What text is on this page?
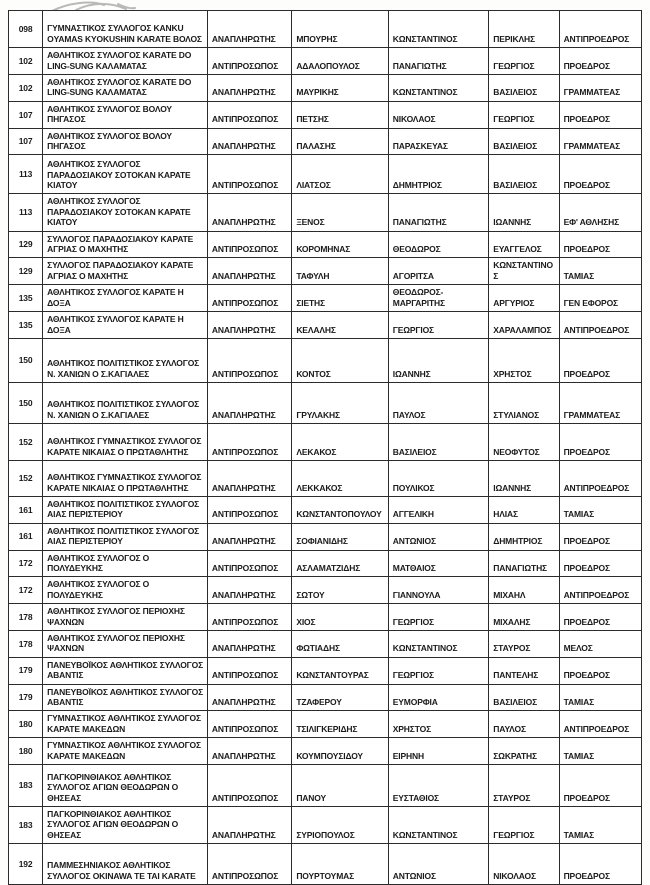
098	ΓΥΜΝΑΣΤΙΚΟΣ ΣΥΛΛΟΓΟΣ KANKU OYAMAS KYOKUSHIN KARATE ΒΟΛΟΣ	ΑΝΑΠΛΗΡΩΤΗΣ	ΜΠΟΥΡΗΣ	ΚΩΝΣΤΑΝΤΙΝΟΣ	ΠΕΡΙΚΛΗΣ	ΑΝΤΙΠΡΟΕΔΡΟΣ
102	ΑΘΛΗΤΙΚΟΣ ΣΥΛΛΟΓΟΣ KARATE DO LING-SUNG ΚΑΛΑΜΑΤΑΣ	ΑΝΤΙΠΡΟΣΩΠΟΣ	ΑΔΑΛΟΠΟΥΛΟΣ	ΠΑΝΑΓΙΩΤΗΣ	ΓΕΩΡΓΙΟΣ	ΠΡΟΕΔΡΟΣ
102	ΑΘΛΗΤΙΚΟΣ ΣΥΛΛΟΓΟΣ KARATE DO LING-SUNG ΚΑΛΑΜΑΤΑΣ	ΑΝΑΠΛΗΡΩΤΗΣ	ΜΑΥΡΙΚΗΣ	ΚΩΝΣΤΑΝΤΙΝΟΣ	ΒΑΣΙΛΕΙΟΣ	ΓΡΑΜΜΑΤΕΑΣ
107	ΑΘΛΗΤΙΚΟΣ ΣΥΛΛΟΓΟΣ ΒΟΛΟΥ ΠΗΓΑΣΟΣ	ΑΝΤΙΠΡΟΣΩΠΟΣ	ΠΕΤΣΗΣ	ΝΙΚΟΛΑΟΣ	ΓΕΩΡΓΙΟΣ	ΠΡΟΕΔΡΟΣ
107	ΑΘΛΗΤΙΚΟΣ ΣΥΛΛΟΓΟΣ ΒΟΛΟΥ ΠΗΓΑΣΟΣ	ΑΝΑΠΛΗΡΩΤΗΣ	ΠΑΛΑΣΗΣ	ΠΑΡΑΣΚΕΥΑΣ	ΒΑΣΙΛΕΙΟΣ	ΓΡΑΜΜΑΤΕΑΣ
113	ΑΘΛΗΤΙΚΟΣ ΣΥΛΛΟΓΟΣ ΠΑΡΑΔΟΣΙΑΚΟΥ ΣΟΤΟΚΑΝ ΚΑΡΑΤΕ ΚΙΑΤΟΥ	ΑΝΤΙΠΡΟΣΩΠΟΣ	ΛΙΑΤΣΟΣ	ΔΗΜΗΤΡΙΟΣ	ΒΑΣΙΛΕΙΟΣ	ΠΡΟΕΔΡΟΣ
113	ΑΘΛΗΤΙΚΟΣ ΣΥΛΛΟΓΟΣ ΠΑΡΑΔΟΣΙΑΚΟΥ ΣΟΤΟΚΑΝ ΚΑΡΑΤΕ ΚΙΑΤΟΥ	ΑΝΑΠΛΗΡΩΤΗΣ	ΞΕΝΟΣ	ΠΑΝΑΓΙΩΤΗΣ	ΙΩΑΝΝΗΣ	ΕΦ' ΑΘΛΗΣΗΣ
129	ΣΥΛΛΟΓΟΣ ΠΑΡΑΔΟΣΙΑΚΟΥ ΚΑΡΑΤΕ ΑΓΡΙΑΣ Ο ΜΑΧΗΤΗΣ	ΑΝΤΙΠΡΟΣΩΠΟΣ	ΚΟΡΟΜΗΝΑΣ	ΘΕΟΔΩΡΟΣ	ΕΥΑΓΓΕΛΟΣ	ΠΡΟΕΔΡΟΣ
129	ΣΥΛΛΟΓΟΣ ΠΑΡΑΔΟΣΙΑΚΟΥ ΚΑΡΑΤΕ ΑΓΡΙΑΣ Ο ΜΑΧΗΤΗΣ	ΑΝΑΠΛΗΡΩΤΗΣ	ΤΑΦΥΛΗ	ΑΓΟΡΙΤΣΑ	ΚΩΝΣΤΑΝΤΙΝΟΣ	ΤΑΜΙΑΣ
135	ΑΘΛΗΤΙΚΟΣ ΣΥΛΛΟΓΟΣ ΚΑΡΑΤΕ Η ΔΟΞΑ	ΑΝΤΙΠΡΟΣΩΠΟΣ	ΣΙΕΤΗΣ	ΘΕΟΔΩΡΟΣ-ΜΑΡΓΑΡΙΤΗΣ	ΑΡΓΥΡΙΟΣ	ΓΕΝ ΕΦΟΡΟΣ
135	ΑΘΛΗΤΙΚΟΣ ΣΥΛΛΟΓΟΣ ΚΑΡΑΤΕ Η ΔΟΞΑ	ΑΝΑΠΛΗΡΩΤΗΣ	ΚΕΛΑΛΗΣ	ΓΕΩΡΓΙΟΣ	ΧΑΡΑΛΑΜΠΟΣ	ΑΝΤΙΠΡΟΕΔΡΟΣ
150	ΑΘΛΗΤΙΚΟΣ ΠΟΛΙΤΙΣΤΙΚΟΣ ΣΥΛΛΟΓΟΣ Ν. ΧΑΝΙΩΝ Ο Σ.ΚΑΓΙΑΛΕΣ	ΑΝΤΙΠΡΟΣΩΠΟΣ	ΚΟΝΤΟΣ	ΙΩΑΝΝΗΣ	ΧΡΗΣΤΟΣ	ΠΡΟΕΔΡΟΣ
150	ΑΘΛΗΤΙΚΟΣ ΠΟΛΙΤΙΣΤΙΚΟΣ ΣΥΛΛΟΓΟΣ Ν. ΧΑΝΙΩΝ Ο Σ.ΚΑΓΙΑΛΕΣ	ΑΝΑΠΛΗΡΩΤΗΣ	ΓΡΥΛΑΚΗΣ	ΠΑΥΛΟΣ	ΣΤΥΛΙΑΝΟΣ	ΓΡΑΜΜΑΤΕΑΣ
152	ΑΘΛΗΤΙΚΟΣ ΓΥΜΝΑΣΤΙΚΟΣ ΣΥΛΛΟΓΟΣ ΚΑΡΑΤΕ ΝΙΚΑΙΑΣ Ο ΠΡΩΤΑΘΛΗΤΗΣ	ΑΝΤΙΠΡΟΣΩΠΟΣ	ΛΕΚΑΚΟΣ	ΒΑΣΙΛΕΙΟΣ	ΝΕΟΦΥΤΟΣ	ΠΡΟΕΔΡΟΣ
152	ΑΘΛΗΤΙΚΟΣ ΓΥΜΝΑΣΤΙΚΟΣ ΣΥΛΛΟΓΟΣ ΚΑΡΑΤΕ ΝΙΚΑΙΑΣ Ο ΠΡΩΤΑΘΛΗΤΗΣ	ΑΝΑΠΛΗΡΩΤΗΣ	ΛΕΚΚΑΚΟΣ	ΠΟΥΛΙΚΟΣ	ΙΩΑΝΝΗΣ	ΑΝΤΙΠΡΟΕΔΡΟΣ
161	ΑΘΛΗΤΙΚΟΣ ΠΟΛΙΤΙΣΤΙΚΟΣ ΣΥΛΛΟΓΟΣ ΑΙΑΣ ΠΕΡΙΣΤΕΡΙΟΥ	ΑΝΤΙΠΡΟΣΩΠΟΣ	ΚΩΝΣΤΑΝΤΟΠΟΥΛΟΥ	ΑΓΓΕΛΙΚΗ	ΗΛΙΑΣ	ΤΑΜΙΑΣ
161	ΑΘΛΗΤΙΚΟΣ ΠΟΛΙΤΙΣΤΙΚΟΣ ΣΥΛΛΟΓΟΣ ΑΙΑΣ ΠΕΡΙΣΤΕΡΙΟΥ	ΑΝΑΠΛΗΡΩΤΗΣ	ΣΟΦΙΑΝΙΔΗΣ	ΑΝΤΩΝΙΟΣ	ΔΗΜΗΤΡΙΟΣ	ΠΡΟΕΔΡΟΣ
172	ΑΘΛΗΤΙΚΟΣ ΣΥΛΛΟΓΟΣ Ο ΠΟΛΥΔΕΥΚΗΣ	ΑΝΤΙΠΡΟΣΩΠΟΣ	ΑΣΛΑΜΑΤΖΙΔΗΣ	ΜΑΤΘΑΙΟΣ	ΠΑΝΑΓΙΩΤΗΣ	ΠΡΟΕΔΡΟΣ
172	ΑΘΛΗΤΙΚΟΣ ΣΥΛΛΟΓΟΣ Ο ΠΟΛΥΔΕΥΚΗΣ	ΑΝΑΠΛΗΡΩΤΗΣ	ΣΩΤΟΥ	ΓΙΑΝΝΟΥΛΑ	ΜΙΧΑΗΛ	ΑΝΤΙΠΡΟΕΔΡΟΣ
178	ΑΘΛΗΤΙΚΟΣ ΣΥΛΛΟΓΟΣ ΠΕΡΙΟΧΗΣ ΨΑΧΝΩΝ	ΑΝΤΙΠΡΟΣΩΠΟΣ	ΧΙΟΣ	ΓΕΩΡΓΙΟΣ	ΜΙΧΑΛΗΣ	ΠΡΟΕΔΡΟΣ
178	ΑΘΛΗΤΙΚΟΣ ΣΥΛΛΟΓΟΣ ΠΕΡΙΟΧΗΣ ΨΑΧΝΩΝ	ΑΝΑΠΛΗΡΩΤΗΣ	ΦΩΤΙΑΔΗΣ	ΚΩΝΣΤΑΝΤΙΝΟΣ	ΣΤΑΥΡΟΣ	ΜΕΛΟΣ
179	ΠΑΝΕΥΒΟΪΚΟΣ ΑΘΛΗΤΙΚΟΣ ΣΥΛΛΟΓΟΣ ΑΒΑΝΤΙΣ	ΑΝΤΙΠΡΟΣΩΠΟΣ	ΚΩΝΣΤΑΝΤΟΥΡΑΣ	ΓΕΩΡΓΙΟΣ	ΠΑΝΤΕΛΗΣ	ΠΡΟΕΔΡΟΣ
179	ΠΑΝΕΥΒΟΪΚΟΣ ΑΘΛΗΤΙΚΟΣ ΣΥΛΛΟΓΟΣ ΑΒΑΝΤΙΣ	ΑΝΑΠΛΗΡΩΤΗΣ	ΤΖΑΦΕΡΟΥ	ΕΥΜΟΡΦΙΑ	ΒΑΣΙΛΕΙΟΣ	ΤΑΜΙΑΣ
180	ΓΥΜΝΑΣΤΙΚΟΣ ΑΘΛΗΤΙΚΟΣ ΣΥΛΛΟΓΟΣ ΚΑΡΑΤΕ ΜΑΚΕΔΩΝ	ΑΝΤΙΠΡΟΣΩΠΟΣ	ΤΣΙΛΙΓΚΕΡΙΔΗΣ	ΧΡΗΣΤΟΣ	ΠΑΥΛΟΣ	ΑΝΤΙΠΡΟΕΔΡΟΣ
180	ΓΥΜΝΑΣΤΙΚΟΣ ΑΘΛΗΤΙΚΟΣ ΣΥΛΛΟΓΟΣ ΚΑΡΑΤΕ ΜΑΚΕΔΩΝ	ΑΝΑΠΛΗΡΩΤΗΣ	ΚΟΥΜΠΟΥΣΙΔΟΥ	ΕΙΡΗΝΗ	ΣΩΚΡΑΤΗΣ	ΤΑΜΙΑΣ
183	ΠΑΓΚΟΡΙΝΘΙΑΚΟΣ ΑΘΛΗΤΙΚΟΣ ΣΥΛΛΟΓΟΣ ΑΓΙΩΝ ΘΕΟΔΩΡΩΝ Ο ΘΗΣΕΑΣ	ΑΝΤΙΠΡΟΣΩΠΟΣ	ΠΑΝΟΥ	ΕΥΣΤΑΘΙΟΣ	ΣΤΑΥΡΟΣ	ΠΡΟΕΔΡΟΣ
183	ΠΑΓΚΟΡΙΝΘΙΑΚΟΣ ΑΘΛΗΤΙΚΟΣ ΣΥΛΛΟΓΟΣ ΑΓΙΩΝ ΘΕΟΔΩΡΩΝ Ο ΘΗΣΕΑΣ	ΑΝΑΠΛΗΡΩΤΗΣ	ΣΥΡΙΟΠΟΥΛΟΣ	ΚΩΝΣΤΑΝΤΙΝΟΣ	ΓΕΩΡΓΙΟΣ	ΤΑΜΙΑΣ
192	ΠΑΜΜΕΣΗΝΙΑΚΟΣ ΑΘΛΗΤΙΚΟΣ ΣΥΛΛΟΓΟΣ OKINAWA TE TAI KARATE	ΑΝΤΙΠΡΟΣΩΠΟΣ	ΠΟΥΡΤΟΥΜΑΣ	ΑΝΤΩΝΙΟΣ	ΝΙΚΟΛΑΟΣ	ΠΡΟΕΔΡΟΣ
